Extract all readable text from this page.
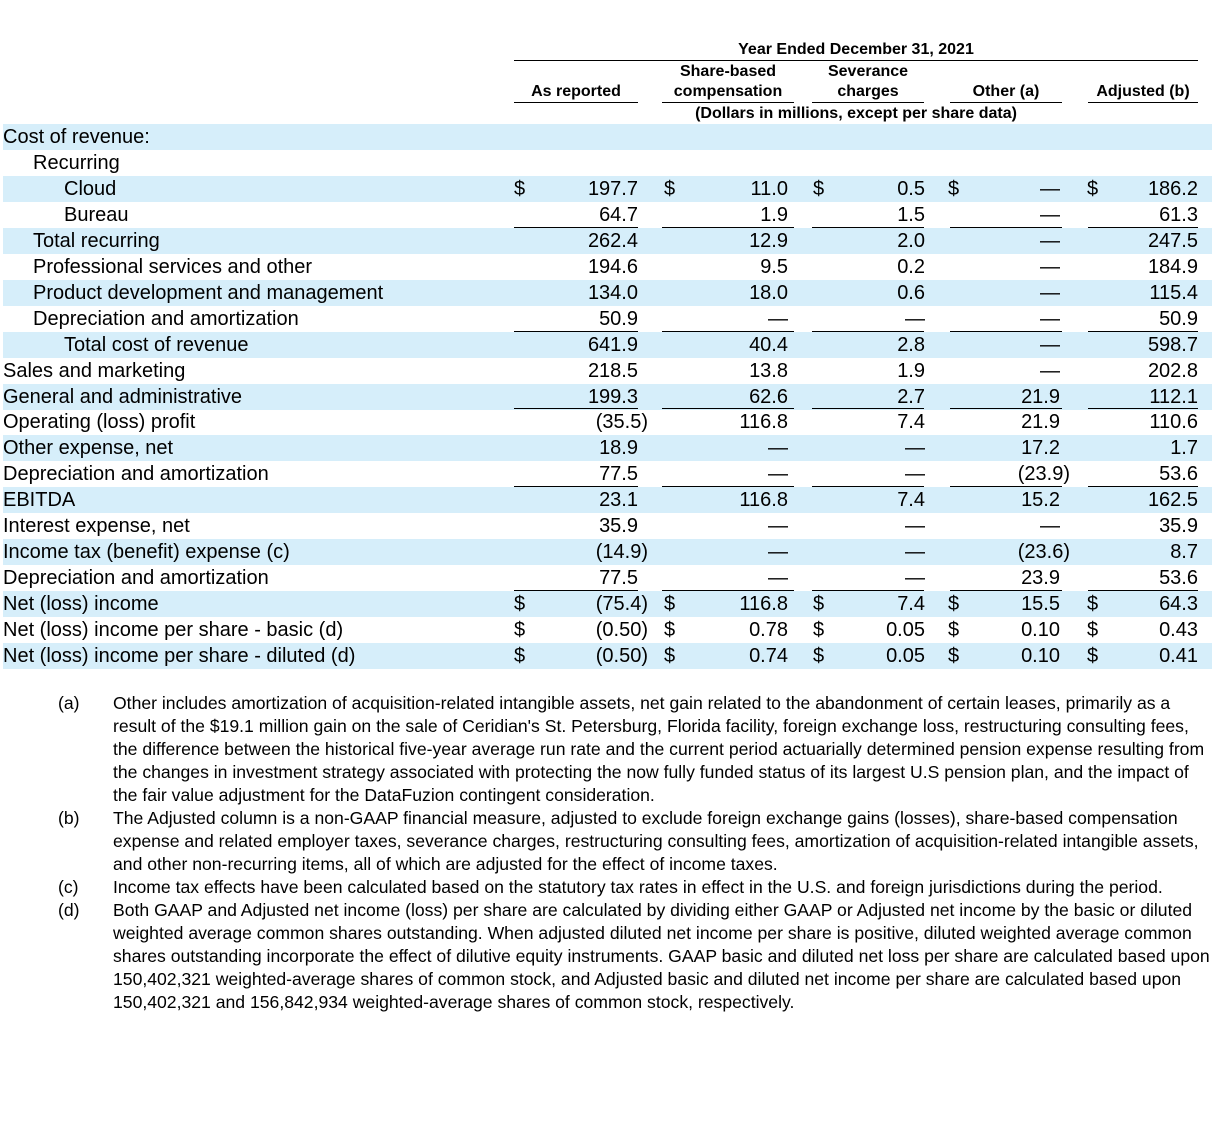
Year Ended December 31, 2021
Share-based	Severance
As reported	compensation	charges	Other (a)	Adjusted (b)
(Dollars in millions, except per share data)
Cost of revenue:
Recurring
Cloud	$	197.7 $	11.0 $	0.5 $	— $	186.2
Bureau	64.7	1.9	1.5	—	61.3
Total recurring	262.4	12.9	2.0	—	247.5
Professional services and other	194.6	9.5	0.2	—	184.9
Product development and management	134.0	18.0	0.6	—	115.4
Depreciation and amortization	50.9	—	—	—	50.9
Total cost of revenue	641.9	40.4	2.8	—	598.7
Sales and marketing	218.5	13.8	1.9	—	202.8
General and administrative	199.3	62.6	2.7	21.9	112.1
Operating (loss) profit	(35.5)	116.8	7.4	21.9	110.6
Other expense, net	18.9	—	—	17.2	1.7
Depreciation and amortization	77.5	—	—	(23.9)	53.6
EBITDA	23.1	116.8	7.4	15.2	162.5
Interest expense, net	35.9	—	—	—	35.9
Income tax (benefit) expense (c)	(14.9)	—	—	(23.6)	8.7
Depreciation and amortization	77.5	—	—	23.9	53.6
Net (loss) income	$	(75.4) $	116.8 $	7.4 $	15.5 $	64.3
Net (loss) income per share - basic (d)	$	(0.50) $	0.78 $	0.05 $	0.10 $	0.43
Net (loss) income per share - diluted (d)	$	(0.50) $	0.74 $	0.05 $	0.10 $	0.41

(a) Other includes amortization of acquisition-related intangible assets, net gain related to the abandonment of certain leases, primarily as a result of the $19.1 million gain on the sale of Ceridian's St. Petersburg, Florida facility, foreign exchange loss, restructuring consulting fees, the difference between the historical five-year average run rate and the current period actuarially determined pension expense resulting from the changes in investment strategy associated with protecting the now fully funded status of its largest U.S pension plan, and the impact of the fair value adjustment for the DataFuzion contingent consideration.

(b) The Adjusted column is a non-GAAP financial measure, adjusted to exclude foreign exchange gains (losses), share-based compensation expense and related employer taxes, severance charges, restructuring consulting fees, amortization of acquisition-related intangible assets, and other non-recurring items, all of which are adjusted for the effect of income taxes.

(c) Income tax effects have been calculated based on the statutory tax rates in effect in the U.S. and foreign jurisdictions during the period.

(d) Both GAAP and Adjusted net income (loss) per share are calculated by dividing either GAAP or Adjusted net income by the basic or diluted weighted average common shares outstanding. When adjusted diluted net income per share is positive, diluted weighted average common shares outstanding incorporate the effect of dilutive equity instruments. GAAP basic and diluted net loss per share are calculated based upon 150,402,321 weighted-average shares of common stock, and Adjusted basic and diluted net income per share are calculated based upon 150,402,321 and 156,842,934 weighted-average shares of common stock, respectively.
